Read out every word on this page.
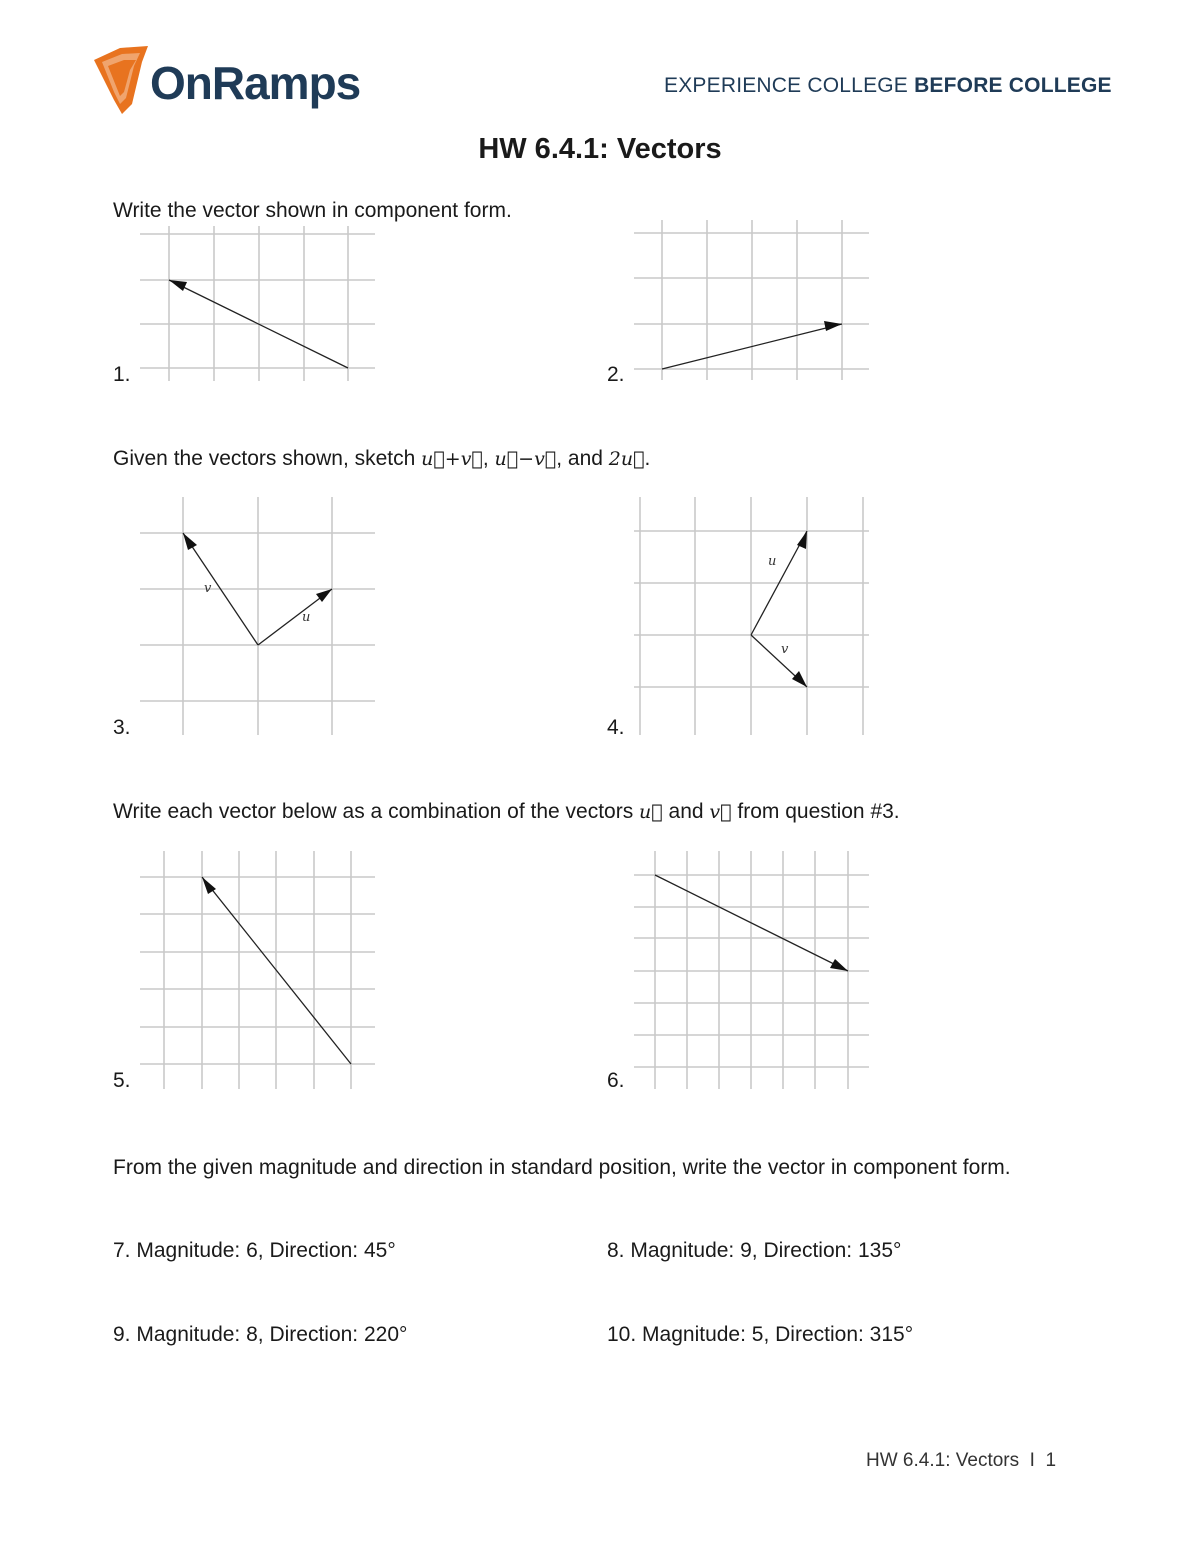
OnRamps	EXPERIENCE COLLEGE BEFORE COLLEGE
HW 6.4.1: Vectors
Write the vector shown in component form.
1.	2.
Given the vectors shown, sketch u⃗+v⃗, u⃗−v⃗, and 2u⃗.
v
u
3.
u
v
4.
Write each vector below as a combination of the vectors u⃗ and v⃗ from question #3.
5.	6.
From the given magnitude and direction in standard position, write the vector in component form.
7. Magnitude: 6, Direction: 45°	8. Magnitude: 9, Direction: 135°
9. Magnitude: 8, Direction: 220°	10. Magnitude: 5, Direction: 315°
HW 6.4.1: Vectors  I  1
